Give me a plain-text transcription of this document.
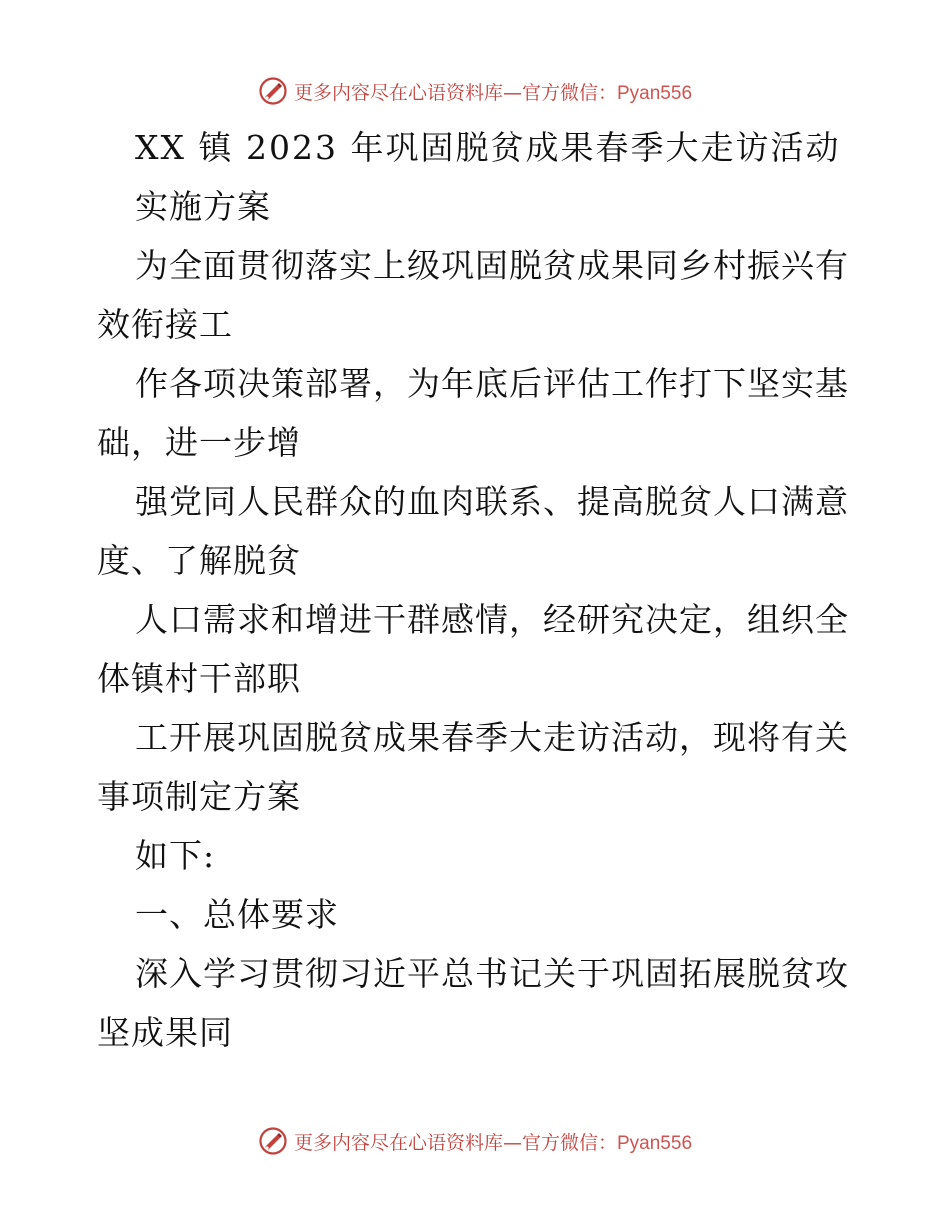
更多内容尽在心语资料库—官方微信：Pyan556
XX 镇 2023 年巩固脱贫成果春季大走访活动
实施方案
为全面贯彻落实上级巩固脱贫成果同乡村振兴有
效衔接工
作各项决策部署，为年底后评估工作打下坚实基
础，进一步增
强党同人民群众的血肉联系、提高脱贫人口满意
度、了解脱贫
人口需求和增进干群感情，经研究决定，组织全
体镇村干部职
工开展巩固脱贫成果春季大走访活动，现将有关
事项制定方案
如下:
一、总体要求
深入学习贯彻习近平总书记关于巩固拓展脱贫攻
坚成果同
更多内容尽在心语资料库—官方微信：Pyan556
